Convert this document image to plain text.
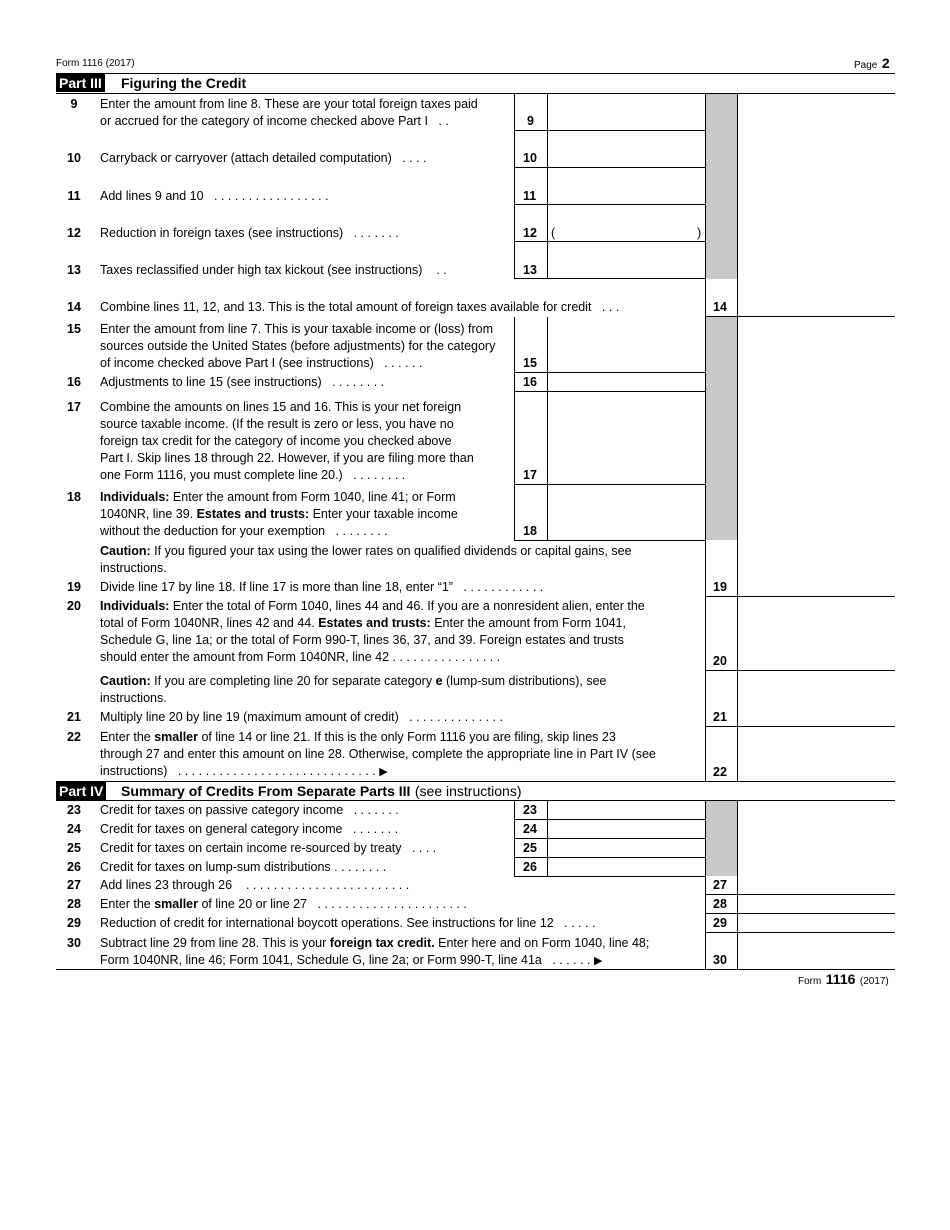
Form 1116 (2017)	Page 2
Part III Figuring the Credit
9	Enter the amount from line 8. These are your total foreign taxes paid
or accrued for the category of income checked above Part I . .	9
10	Carryback or carryover (attach detailed computation) . . . .	10
11	Add lines 9 and 10 . . . . . . . . . . . . . . . . .	11
12	Reduction in foreign taxes (see instructions) . . . . . . .	12 (	)
13	Taxes reclassified under high tax kickout (see instructions) . .	13
14	Combine lines 11, 12, and 13. This is the total amount of foreign taxes available for credit . . .	14
15	Enter the amount from line 7. This is your taxable income or (loss) from
sources outside the United States (before adjustments) for the category
of income checked above Part I (see instructions) . . . . . .	15
16	Adjustments to line 15 (see instructions) . . . . . . . .	16
17	Combine the amounts on lines 15 and 16. This is your net foreign
source taxable income. (If the result is zero or less, you have no
foreign tax credit for the category of income you checked above
Part I. Skip lines 18 through 22. However, if you are filing more than
one Form 1116, you must complete line 20.) . . . . . . . .	17
18	Individuals: Enter the amount from Form 1040, line 41; or Form
1040NR, line 39. Estates and trusts: Enter your taxable income
without the deduction for your exemption . . . . . . . .	18
Caution: If you figured your tax using the lower rates on qualified dividends or capital gains, see
instructions.
19	Divide line 17 by line 18. If line 17 is more than line 18, enter “1” . . . . . . . . . . . .	19
20	Individuals: Enter the total of Form 1040, lines 44 and 46. If you are a nonresident alien, enter the
total of Form 1040NR, lines 42 and 44. Estates and trusts: Enter the amount from Form 1041,
Schedule G, line 1a; or the total of Form 990-T, lines 36, 37, and 39. Foreign estates and trusts
should enter the amount from Form 1040NR, line 42 . . . . . . . . . . . . . . . .	20
Caution: If you are completing line 20 for separate category e (lump-sum distributions), see
instructions.
21	Multiply line 20 by line 19 (maximum amount of credit) . . . . . . . . . . . . . .	21
22	Enter the smaller of line 14 or line 21. If this is the only Form 1116 you are filing, skip lines 23
through 27 and enter this amount on line 28. Otherwise, complete the appropriate line in Part IV (see
instructions) . . . . . . . . . . . . . . . . . . . . . . . . . . . . . ▶	22
Part IV Summary of Credits From Separate Parts III (see instructions)
23	Credit for taxes on passive category income . . . . . . .	23
24	Credit for taxes on general category income . . . . . . .	24
25	Credit for taxes on certain income re-sourced by treaty . . . .	25
26	Credit for taxes on lump-sum distributions . . . . . . . .	26
27	Add lines 23 through 26 . . . . . . . . . . . . . . . . . . . . . . . .	27
28	Enter the smaller of line 20 or line 27 . . . . . . . . . . . . . . . . . . . . . .	28
29	Reduction of credit for international boycott operations. See instructions for line 12 . . . . .	29
30	Subtract line 29 from line 28. This is your foreign tax credit. Enter here and on Form 1040, line 48;
Form 1040NR, line 46; Form 1041, Schedule G, line 2a; or Form 990-T, line 41a . . . . . . ▶	30
Form 1116 (2017)
